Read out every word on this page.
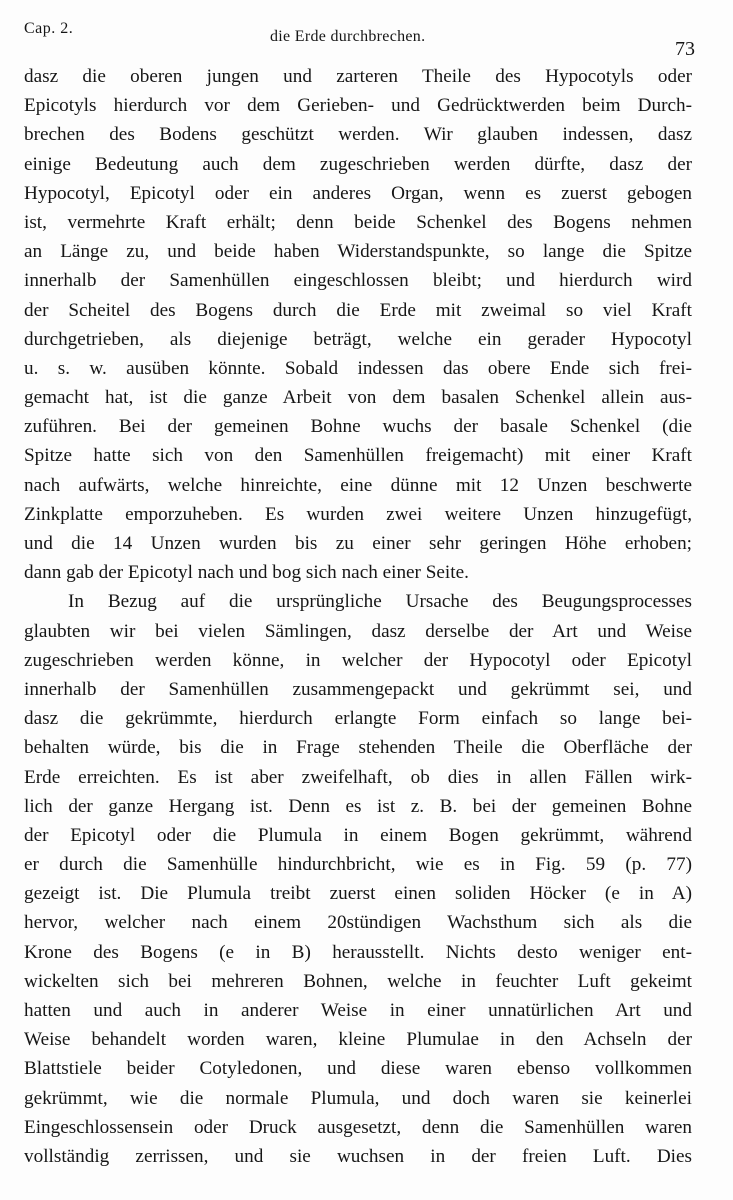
Cap. 2.	die Erde durchbrechen.
73
dasz die oberen jungen und zarteren Theile des Hypocotyls oder
Epicotyls hierdurch vor dem Gerieben- und Gedrücktwerden beim Durch-
brechen des Bodens geschützt werden. Wir glauben indessen, dasz
einige Bedeutung auch dem zugeschrieben werden dürfte, dasz der
Hypocotyl, Epicotyl oder ein anderes Organ, wenn es zuerst gebogen
ist, vermehrte Kraft erhält; denn beide Schenkel des Bogens nehmen
an Länge zu, und beide haben Widerstandspunkte, so lange die Spitze
innerhalb der Samenhüllen eingeschlossen bleibt; und hierdurch wird
der Scheitel des Bogens durch die Erde mit zweimal so viel Kraft
durchgetrieben, als diejenige beträgt, welche ein gerader Hypocotyl
u. s. w. ausüben könnte. Sobald indessen das obere Ende sich frei-
gemacht hat, ist die ganze Arbeit von dem basalen Schenkel allein aus-
zuführen. Bei der gemeinen Bohne wuchs der basale Schenkel (die
Spitze hatte sich von den Samenhüllen freigemacht) mit einer Kraft
nach aufwärts, welche hinreichte, eine dünne mit 12 Unzen beschwerte
Zinkplatte emporzuheben. Es wurden zwei weitere Unzen hinzugefügt,
und die 14 Unzen wurden bis zu einer sehr geringen Höhe erhoben;
dann gab der Epicotyl nach und bog sich nach einer Seite.
In Bezug auf die ursprüngliche Ursache des Beugungsprocesses
glaubten wir bei vielen Sämlingen, dasz derselbe der Art und Weise
zugeschrieben werden könne, in welcher der Hypocotyl oder Epicotyl
innerhalb der Samenhüllen zusammengepackt und gekrümmt sei, und
dasz die gekrümmte, hierdurch erlangte Form einfach so lange bei-
behalten würde, bis die in Frage stehenden Theile die Oberfläche der
Erde erreichten. Es ist aber zweifelhaft, ob dies in allen Fällen wirk-
lich der ganze Hergang ist. Denn es ist z. B. bei der gemeinen Bohne
der Epicotyl oder die Plumula in einem Bogen gekrümmt, während
er durch die Samenhülle hindurchbricht, wie es in Fig. 59 (p. 77)
gezeigt ist. Die Plumula treibt zuerst einen soliden Höcker (e in A)
hervor, welcher nach einem 20stündigen Wachsthum sich als die
Krone des Bogens (e in B) herausstellt. Nichts desto weniger ent-
wickelten sich bei mehreren Bohnen, welche in feuchter Luft gekeimt
hatten und auch in anderer Weise in einer unnatürlichen Art und
Weise behandelt worden waren, kleine Plumulae in den Achseln der
Blattstiele beider Cotyledonen, und diese waren ebenso vollkommen
gekrümmt, wie die normale Plumula, und doch waren sie keinerlei
Eingeschlossensein oder Druck ausgesetzt, denn die Samenhüllen waren
vollständig zerrissen, und sie wuchsen in der freien Luft. Dies
